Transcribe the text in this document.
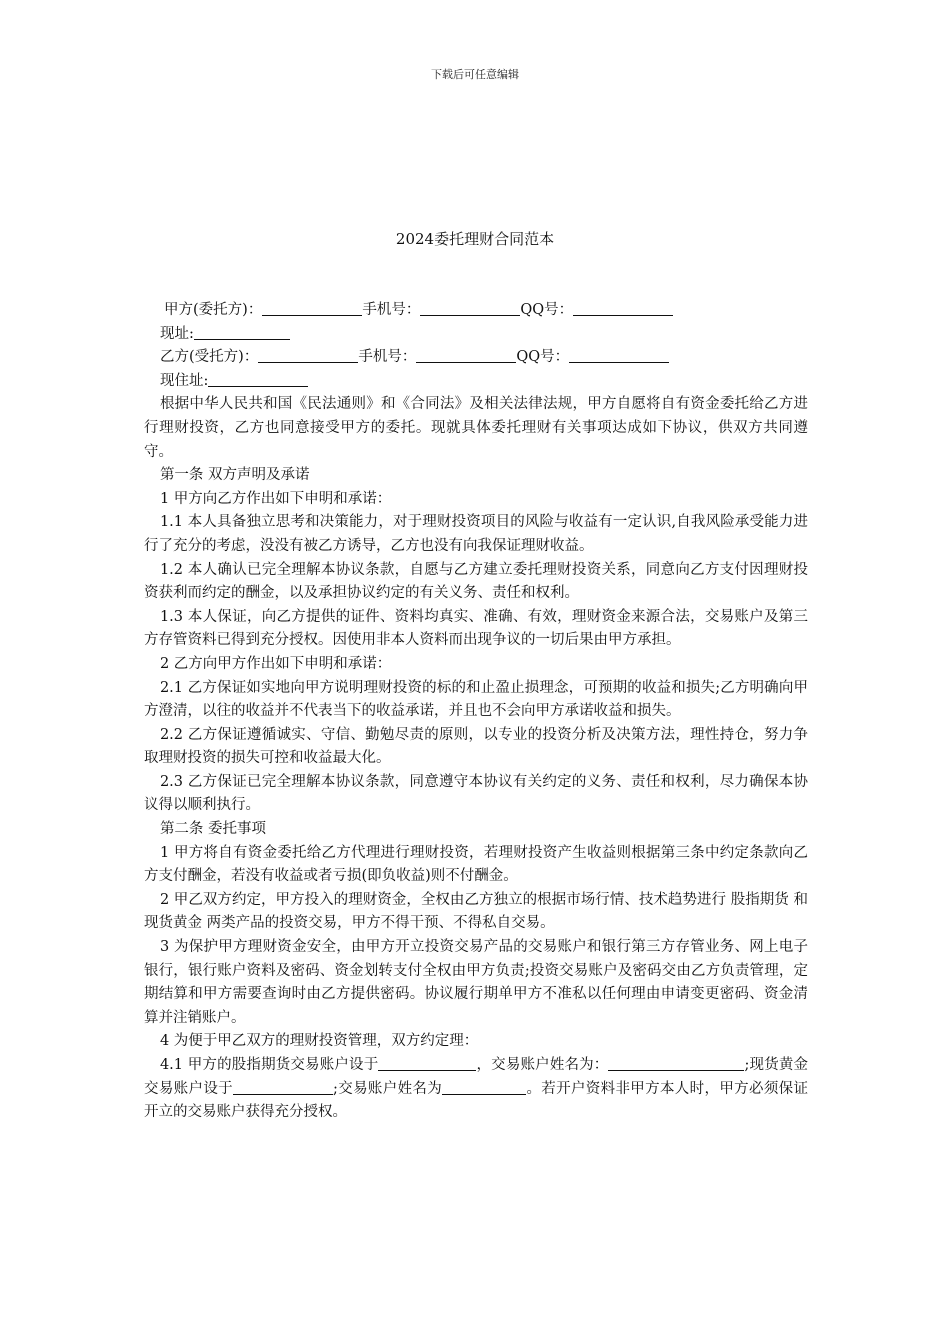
下载后可任意编辑
2024委托理财合同范本

甲方(委托方)：	手机号：	QQ号：

现址:

乙方(受托方)：	手机号：	QQ号：

现住址:

根据中华人民共和国《民法通则》和《合同法》及相关法律法规，甲方自愿将自有资金委托给乙方进行理财投资，乙方也同意接受甲方的委托。现就具体委托理财有关事项达成如下协议，供双方共同遵守。

第一条 双方声明及承诺

1 甲方向乙方作出如下申明和承诺：

1.1 本人具备独立思考和决策能力，对于理财投资项目的风险与收益有一定认识,自我风险承受能力进行了充分的考虑，没没有被乙方诱导，乙方也没有向我保证理财收益。

1.2 本人确认已完全理解本协议条款，自愿与乙方建立委托理财投资关系，同意向乙方支付因理财投资获利而约定的酬金，以及承担协议约定的有关义务、责任和权利。

1.3 本人保证，向乙方提供的证件、资料均真实、准确、有效，理财资金来源合法，交易账户及第三方存管资料已得到充分授权。因使用非本人资料而出现争议的一切后果由甲方承担。

2 乙方向甲方作出如下申明和承诺：

2.1 乙方保证如实地向甲方说明理财投资的标的和止盈止损理念，可预期的收益和损失;乙方明确向甲方澄清，以往的收益并不代表当下的收益承诺，并且也不会向甲方承诺收益和损失。

2.2 乙方保证遵循诚实、守信、勤勉尽责的原则，以专业的投资分析及决策方法，理性持仓，努力争取理财投资的损失可控和收益最大化。

2.3 乙方保证已完全理解本协议条款，同意遵守本协议有关约定的义务、责任和权利，尽力确保本协议得以顺利执行。

第二条 委托事项

1 甲方将自有资金委托给乙方代理进行理财投资，若理财投资产生收益则根据第三条中约定条款向乙方支付酬金，若没有收益或者亏损(即负收益)则不付酬金。

2 甲乙双方约定，甲方投入的理财资金，全权由乙方独立的根据市场行情、技术趋势进行 股指期货 和 现货黄金 两类产品的投资交易，甲方不得干预、不得私自交易。

3 为保护甲方理财资金安全，由甲方开立投资交易产品的交易账户和银行第三方存管业务、网上电子银行，银行账户资料及密码、资金划转支付全权由甲方负责;投资交易账户及密码交由乙方负责管理，定期结算和甲方需要查询时由乙方提供密码。协议履行期单甲方不准私以任何理由申请变更密码、资金清算并注销账户。

4 为便于甲乙双方的理财投资管理，双方约定理：

4.1 甲方的股指期货交易账户设于	，交易账户姓名为：	;现货黄金交易账户设于	;交易账户姓名为	。若开户资料非甲方本人时，甲方必须保证开立的交易账户获得充分授权。
